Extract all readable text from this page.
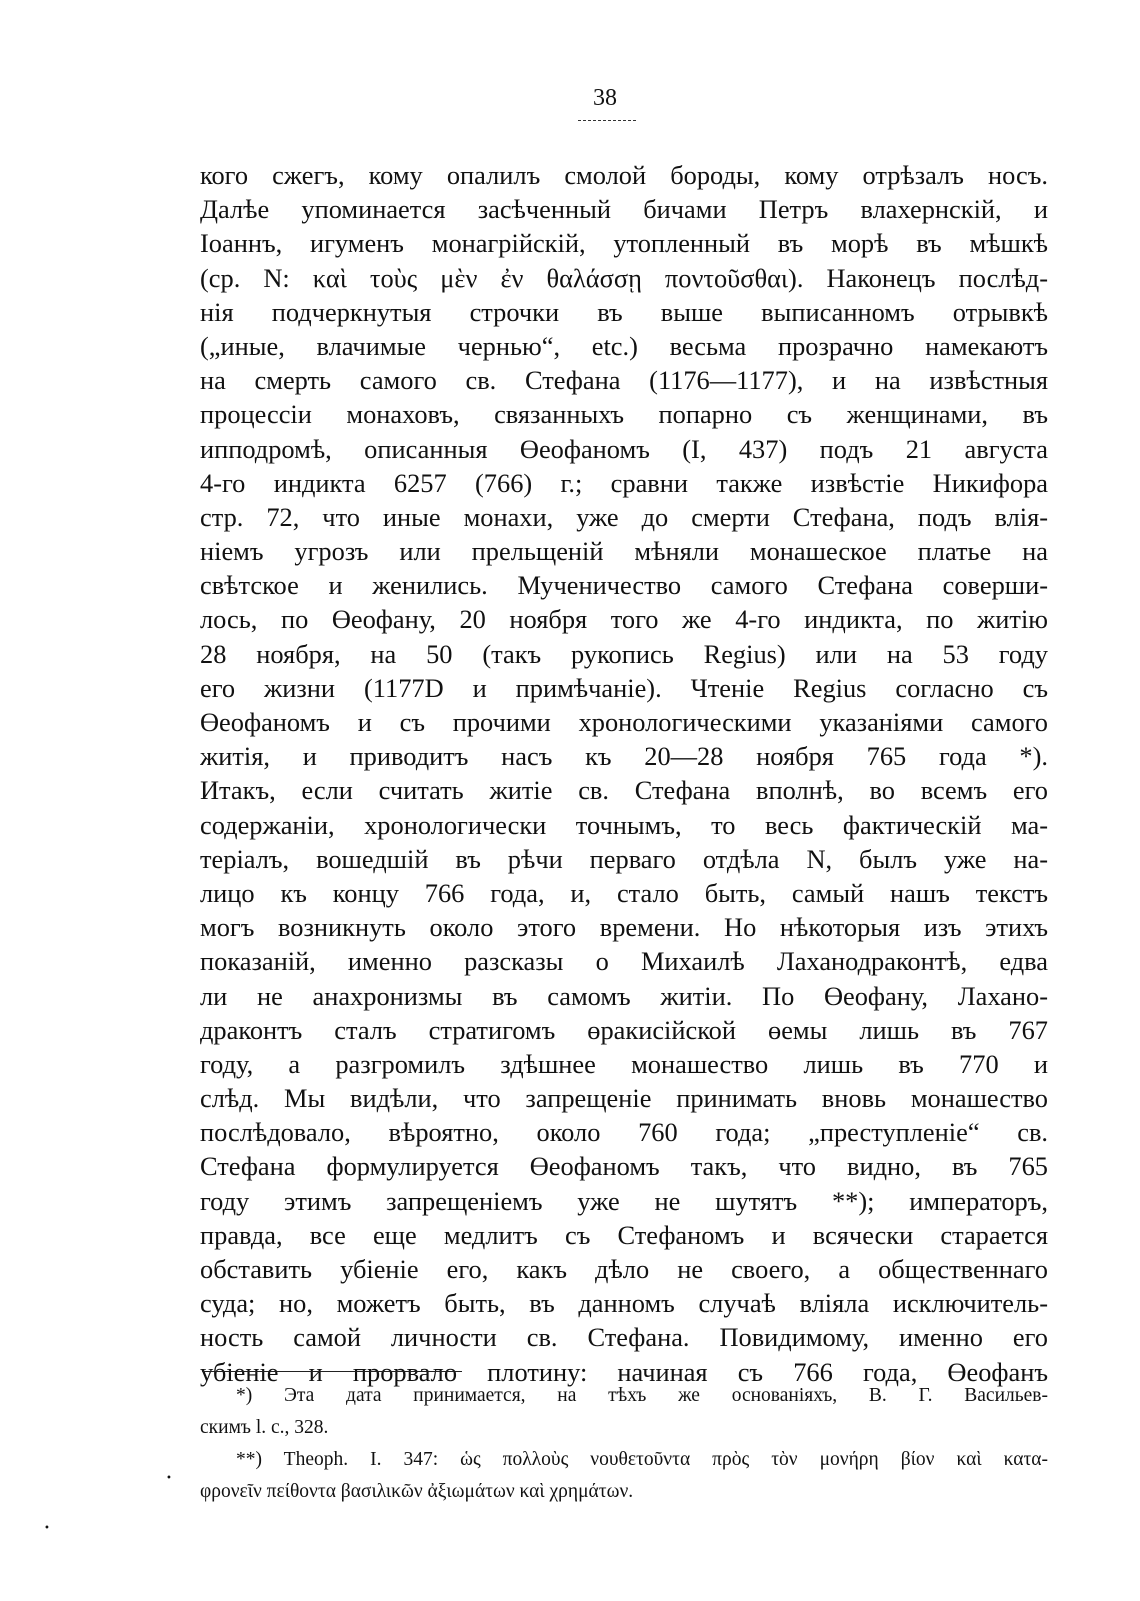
38
кого сжегъ, кому опалилъ смолой бороды, кому отрѣзалъ носъ.
Далѣе упоминается засѣченный бичами Петръ влахернскій, и
Іоаннъ, игуменъ монагрійскій, утопленный въ морѣ въ мѣшкѣ
(ср. N: καὶ τοὺς μὲν ἐν θαλάσσῃ ποντοῦσθαι). Наконецъ послѣд-
нія подчеркнутыя строчки въ выше выписанномъ отрывкѣ
(„иные, влачимые чернью“, etc.) весьма прозрачно намекаютъ
на смерть самого св. Стефана (1176—1177), и на извѣстныя
процессіи монаховъ, связанныхъ попарно съ женщинами, въ
ипподромѣ, описанныя Өеофаномъ (I, 437) подъ 21 августа
4-го индикта 6257 (766) г.; сравни также извѣстіе Никифора
стр. 72, что иные монахи, уже до смерти Стефана, подъ влія-
ніемъ угрозъ или прельщеній мѣняли монашеское платье на
свѣтское и женились. Мученичество самого Стефана соверши-
лось, по Өеофану, 20 ноября того же 4-го индикта, по житію
28 ноября, на 50 (такъ рукопись Regius) или на 53 году
его жизни (1177D и примѣчаніе). Чтеніе Regius согласно съ
Өеофаномъ и съ прочими хронологическими указаніями самого
житія, и приводитъ насъ къ 20—28 ноября 765 года *).
Итакъ, если считать житіе св. Стефана вполнѣ, во всемъ его
содержаніи, хронологически точнымъ, то весь фактическій ма-
теріалъ, вошедшій въ рѣчи перваго отдѣла N, былъ уже на-
лицо къ концу 766 года, и, стало быть, самый нашъ текстъ
могъ возникнуть около этого времени. Но нѣкоторыя изъ этихъ
показаній, именно разсказы о Михаилѣ Лаханодраконтѣ, едва
ли не анахронизмы въ самомъ житіи. По Өеофану, Лахано-
драконтъ сталъ стратигомъ өракисійской өемы лишь въ 767
году, а разгромилъ здѣшнее монашество лишь въ 770 и
слѣд. Мы видѣли, что запрещеніе принимать вновь монашество
послѣдовало, вѣроятно, около 760 года; „преступленіе“ св.
Стефана формулируется Өеофаномъ такъ, что видно, въ 765
году этимъ запрещеніемъ уже не шутятъ **); императоръ,
правда, все еще медлитъ съ Стефаномъ и всячески старается
обставить убіеніе его, какъ дѣло не своего, а общественнаго
суда; но, можетъ быть, въ данномъ случаѣ вліяла исключитель-
ность самой личности св. Стефана. Повидимому, именно его
убіеніе и прорвало плотину: начиная съ 766 года, Өеофанъ
*) Эта дата принимается, на тѣхъ же основаніяхъ, В. Г. Васильев-
скимъ l. c., 328.
**) Theoph. I. 347: ὡς πολλοὺς νουθετοῦντα πρὸς τὸν μονήρη βίον καὶ κατα-
φρονεῖν πείθοντα βασιλικῶν ἀξιωμάτων καὶ χρημάτων.
•
•
